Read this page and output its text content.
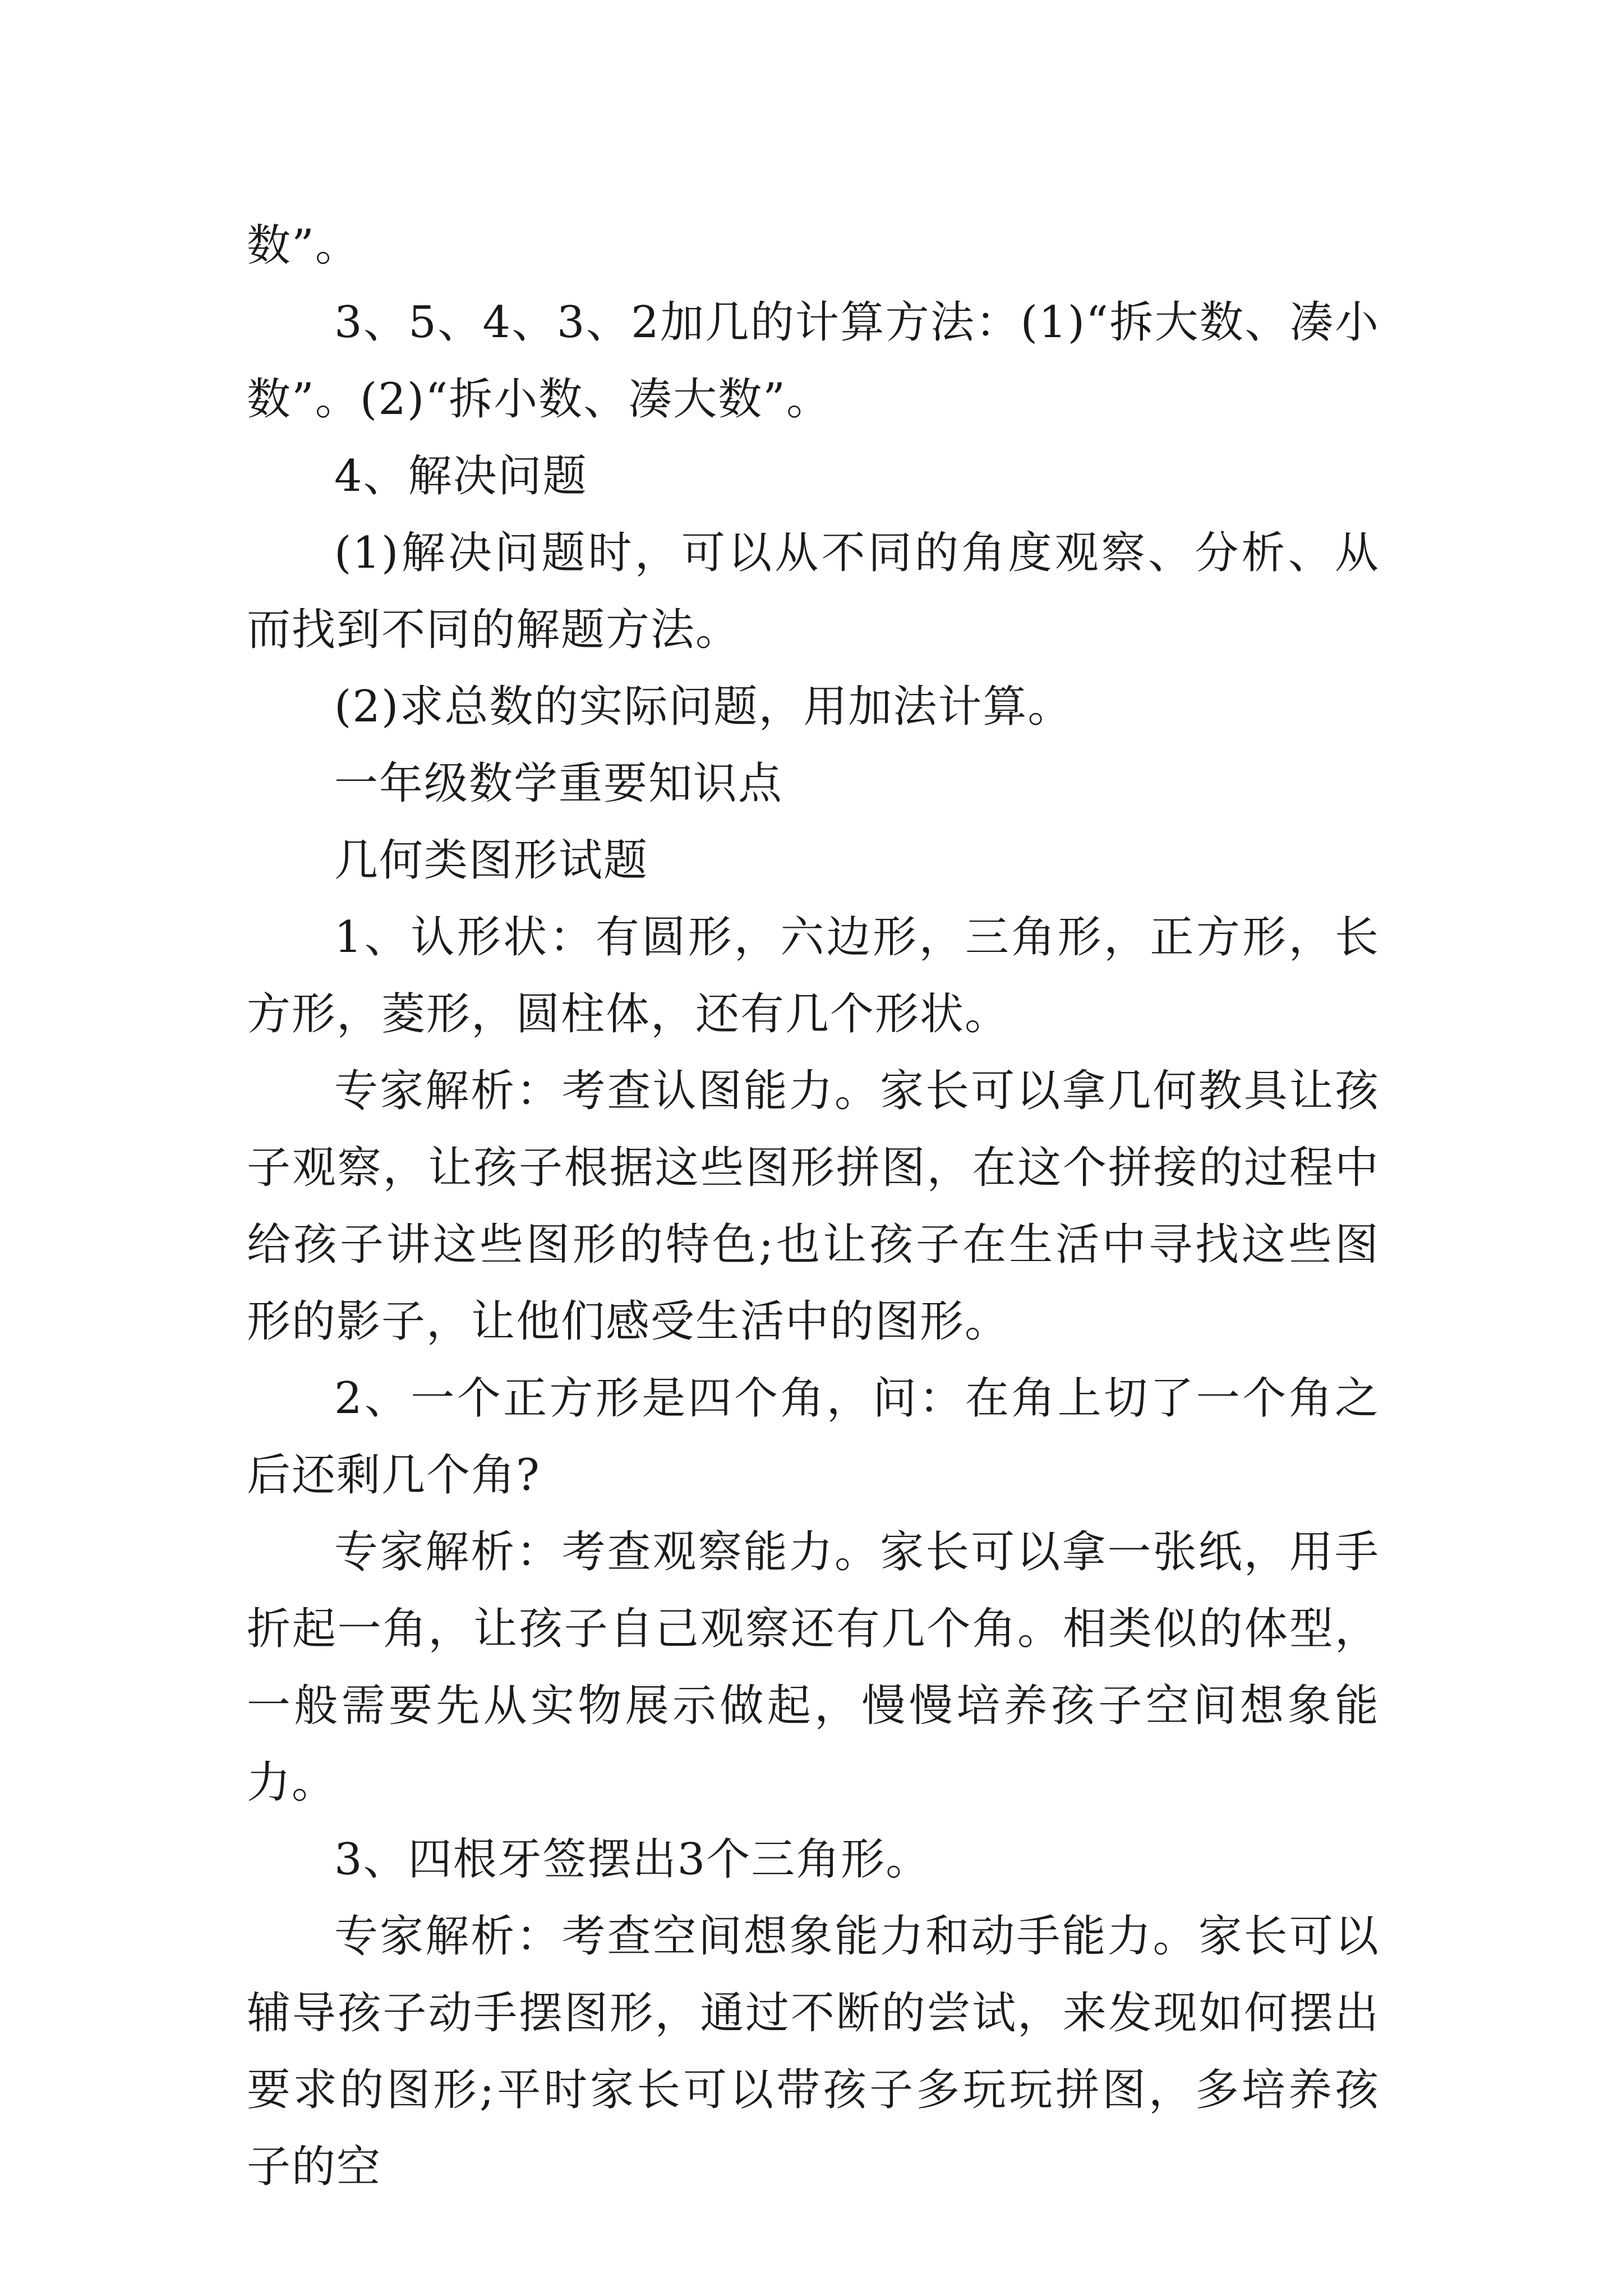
数”。

3、5、4、3、2加几的计算方法：(1)“拆大数、凑小数”。(2)“拆小数、凑大数”。

4、解决问题

(1)解决问题时，可以从不同的角度观察、分析、从而找到不同的解题方法。

(2)求总数的实际问题，用加法计算。

一年级数学重要知识点

几何类图形试题

1、认形状：有圆形，六边形，三角形，正方形，长方形，菱形，圆柱体，还有几个形状。

专家解析：考查认图能力。家长可以拿几何教具让孩子观察，让孩子根据这些图形拼图，在这个拼接的过程中给孩子讲这些图形的特色;也让孩子在生活中寻找这些图形的影子，让他们感受生活中的图形。

2、一个正方形是四个角，问：在角上切了一个角之后还剩几个角?

专家解析：考查观察能力。家长可以拿一张纸，用手折起一角，让孩子自己观察还有几个角。相类似的体型，一般需要先从实物展示做起，慢慢培养孩子空间想象能力。

3、四根牙签摆出3个三角形。

专家解析：考查空间想象能力和动手能力。家长可以辅导孩子动手摆图形，通过不断的尝试，来发现如何摆出要求的图形;平时家长可以带孩子多玩玩拼图，多培养孩子的空
